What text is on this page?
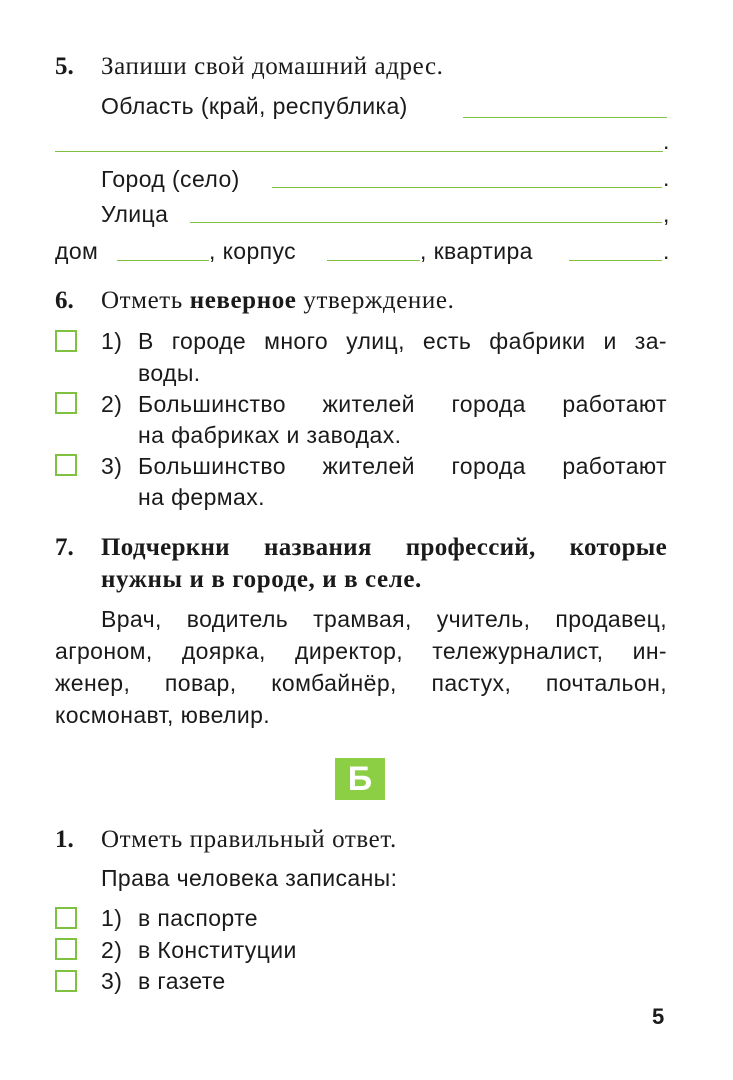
5. Запиши свой домашний адрес.
Область (край, республика)
.
Город (село)	.
Улица	,
дом	, корпус	, квартира	.
6. Отметь неверное утверждение.
1) В городе много улиц, есть фабрики и за-
воды.
2) Большинство жителей города работают
на фабриках и заводах.
3) Большинство жителей города работают
на фермах.
7. Подчеркни названия профессий, которые
нужны и в городе, и в селе.
Врач, водитель трамвая, учитель, продавец,
агроном, доярка, директор, тележурналист, ин-
женер, повар, комбайнёр, пастух, почтальон,
космонавт, ювелир.
Б
1. Отметь правильный ответ.
Права человека записаны:
1) в паспорте
2) в Конституции
3) в газете
5
